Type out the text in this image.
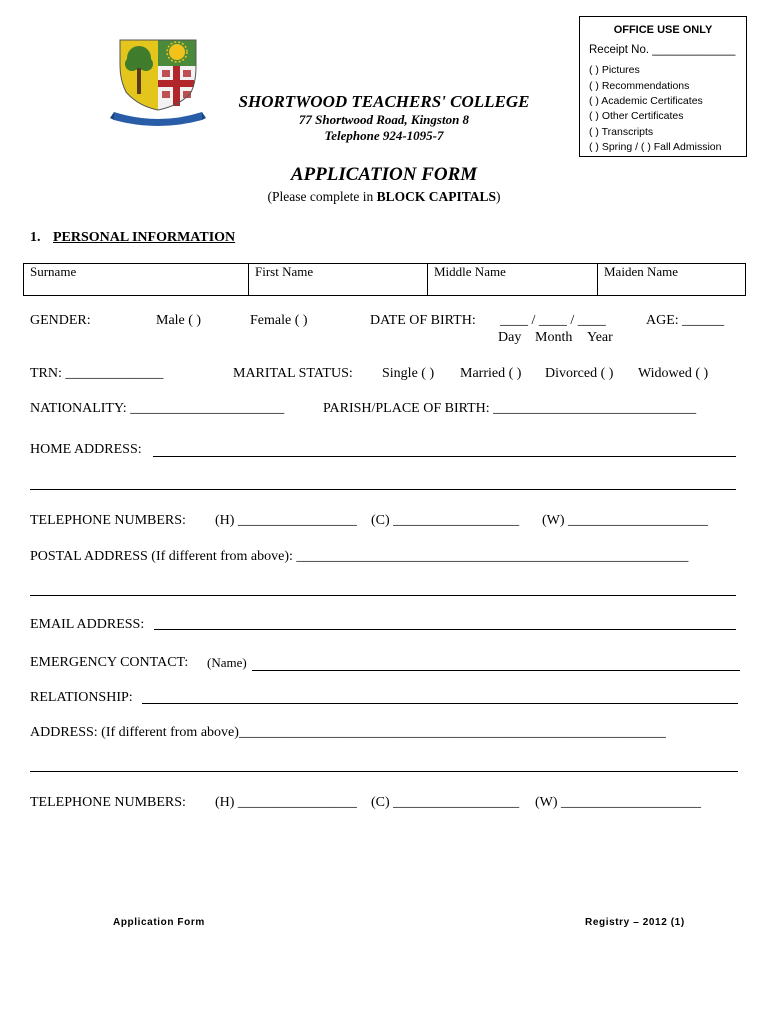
SHORTWOOD TEACHERS' COLLEGE
77 Shortwood Road, Kingston 8
Telephone 924-1095-7
OFFICE USE ONLY
Receipt No. _____________
( ) Pictures
( ) Recommendations
( ) Academic Certificates
( ) Other Certificates
( ) Transcripts
( ) Spring / ( ) Fall Admission
APPLICATION FORM
(Please complete in BLOCK CAPITALS)
1. PERSONAL INFORMATION
Surname	First Name	Middle Name	Maiden Name
GENDER:	Male ( )	Female ( )	DATE OF BIRTH: ____ / ____ / ____
Day Month Year
AGE: ______
TRN: ______________	MARITAL STATUS: Single ( ) Married ( ) Divorced ( ) Widowed ( )
NATIONALITY: ______________________	PARISH/PLACE OF BIRTH: _____________________________
HOME ADDRESS:
TELEPHONE NUMBERS: (H) _________________ (C) __________________ (W) ____________________
POSTAL ADDRESS (If different from above): ________________________________________________________
EMAIL ADDRESS:
EMERGENCY CONTACT: (Name)
RELATIONSHIP:
ADDRESS: (If different from above)_____________________________________________________________
TELEPHONE NUMBERS: (H) _________________ (C) __________________ (W) ____________________
Application Form	Registry – 2012 (1)
